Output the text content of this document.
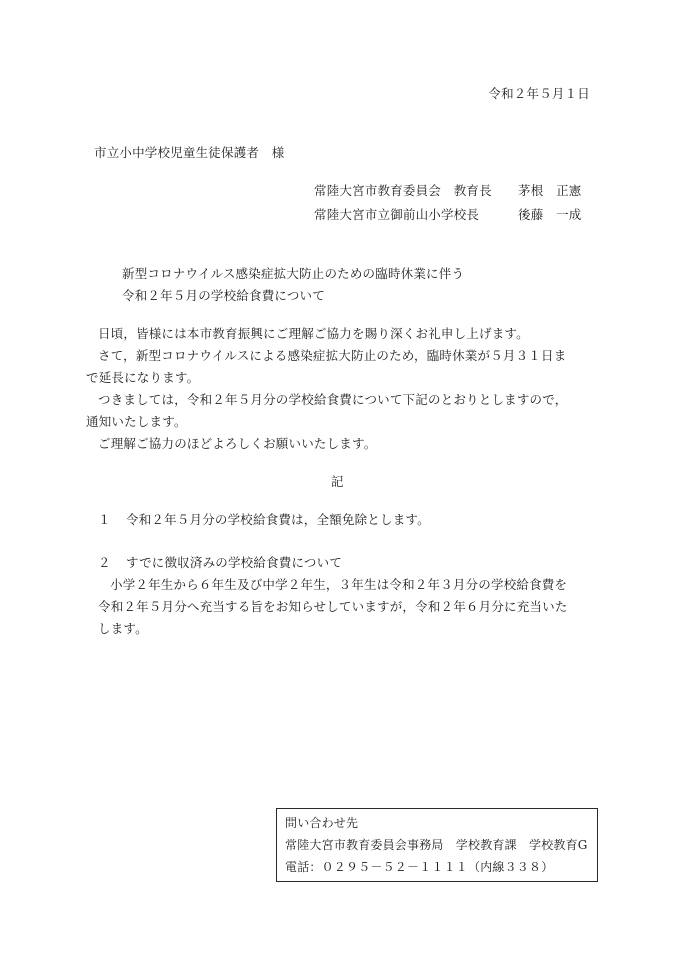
令和２年５月１日
市立小中学校児童生徒保護者　様
常陸大宮市教育委員会　教育長 茅根　正憲
常陸大宮市立御前山小学校長	後藤　一成
新型コロナウイルス感染症拡大防止のための臨時休業に伴う
令和２年５月の学校給食費について
日頃，皆様には本市教育振興にご理解ご協力を賜り深くお礼申し上げます。
さて，新型コロナウイルスによる感染症拡大防止のため，臨時休業が５月３１日ま
で延長になります。
つきましては，令和２年５月分の学校給食費について下記のとおりとしますので，
通知いたします。
ご理解ご協力のほどよろしくお願いいたします。
記
１ 令和２年５月分の学校給食費は，全額免除とします。
２ すでに徴収済みの学校給食費について
小学２年生から６年生及び中学２年生，３年生は令和２年３月分の学校給食費を
令和２年５月分へ充当する旨をお知らせしていますが，令和２年６月分に充当いた
します。
問い合わせ先
常陸大宮市教育委員会事務局　学校教育課　学校教育G
電話：０２９５－５２－１１１１（内線３３８）
